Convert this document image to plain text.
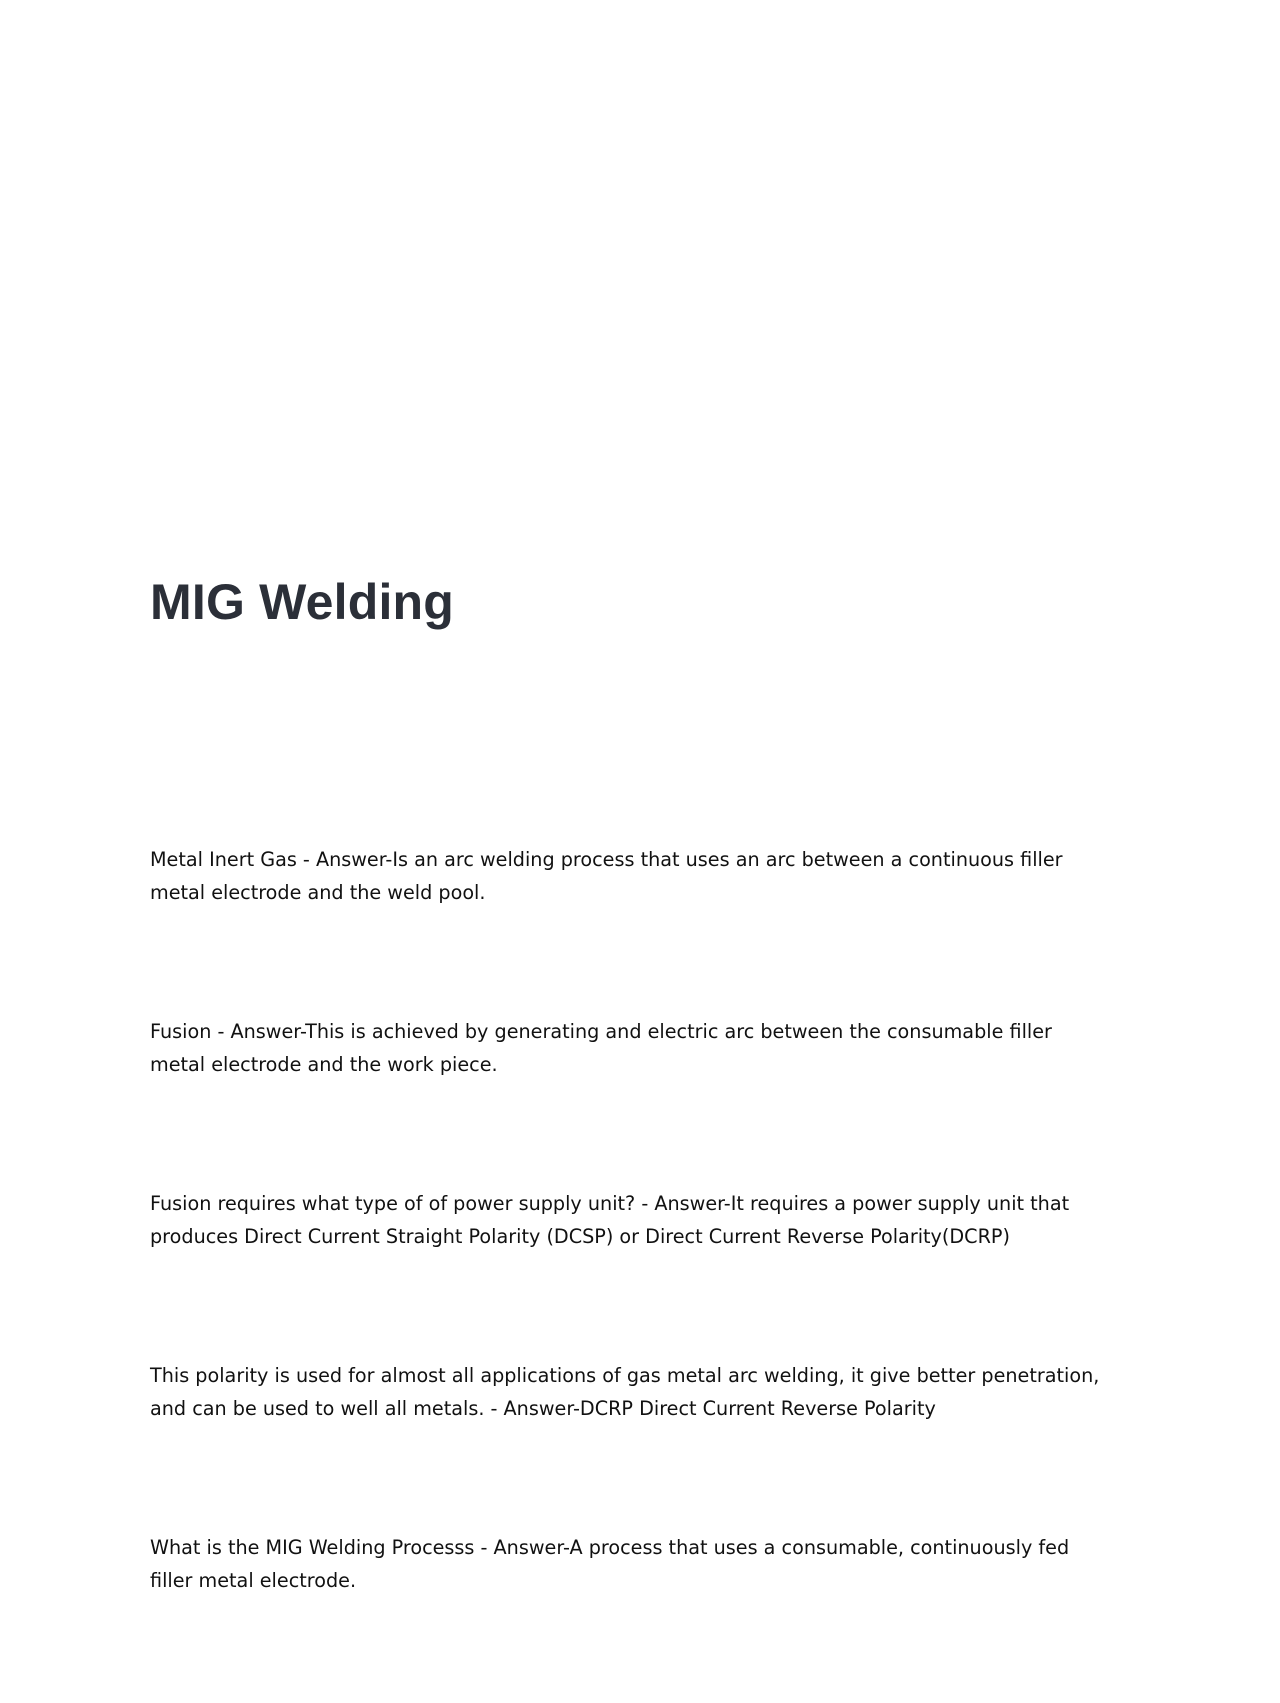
MIG Welding

Metal Inert Gas - Answer-Is an arc welding process that uses an arc between a continuous filler metal electrode and the weld pool.

Fusion - Answer-This is achieved by generating and electric arc between the consumable filler metal electrode and the work piece.

Fusion requires what type of of power supply unit? - Answer-It requires a power supply unit that produces Direct Current Straight Polarity (DCSP) or Direct Current Reverse Polarity(DCRP)

This polarity is used for almost all applications of gas metal arc welding, it give better penetration, and can be used to well all metals. - Answer-DCRP Direct Current Reverse Polarity

What is the MIG Welding Processs - Answer-A process that uses a consumable, continuously fed filler metal electrode.
